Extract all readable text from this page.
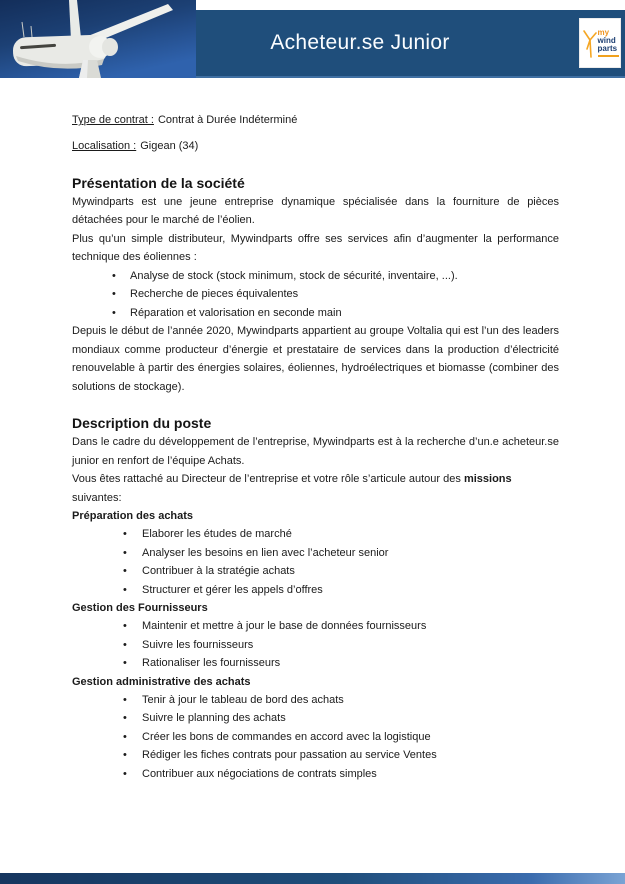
Acheteur.se Junior	my
wind
parts

Type de contrat : Contrat à Durée Indéterminé

Localisation : Gigean (34)

Présentation de la société

Mywindparts est une jeune entreprise dynamique spécialisée dans la fourniture de pièces détachées pour le marché de l’éolien.

Plus qu’un simple distributeur, Mywindparts offre ses services afin d’augmenter la performance technique des éoliennes :

• Analyse de stock (stock minimum, stock de sécurité, inventaire, ...).
• Recherche de pieces équivalentes
• Réparation et valorisation en seconde main

Depuis le début de l’année 2020, Mywindparts appartient au groupe Voltalia qui est l’un des leaders mondiaux comme producteur d’énergie et prestataire de services dans la production d’électricité renouvelable à partir des énergies solaires, éoliennes, hydroélectriques et biomasse (combiner des solutions de stockage).

Description du poste

Dans le cadre du développement de l’entreprise, Mywindparts est à la recherche d’un.e acheteur.se junior en renfort de l’équipe Achats.

Vous êtes rattaché au Directeur de l’entreprise et votre rôle s’articule autour des missions suivantes:

Préparation des achats

• Elaborer les études de marché
• Analyser les besoins en lien avec l’acheteur senior
• Contribuer à la stratégie achats
• Structurer et gérer les appels d’offres

Gestion des Fournisseurs

• Maintenir et mettre à jour le base de données fournisseurs
• Suivre les fournisseurs
• Rationaliser les fournisseurs

Gestion administrative des achats

• Tenir à jour le tableau de bord des achats
• Suivre le planning des achats
• Créer les bons de commandes en accord avec la logistique
• Rédiger les fiches contrats pour passation au service Ventes
• Contribuer aux négociations de contrats simples
